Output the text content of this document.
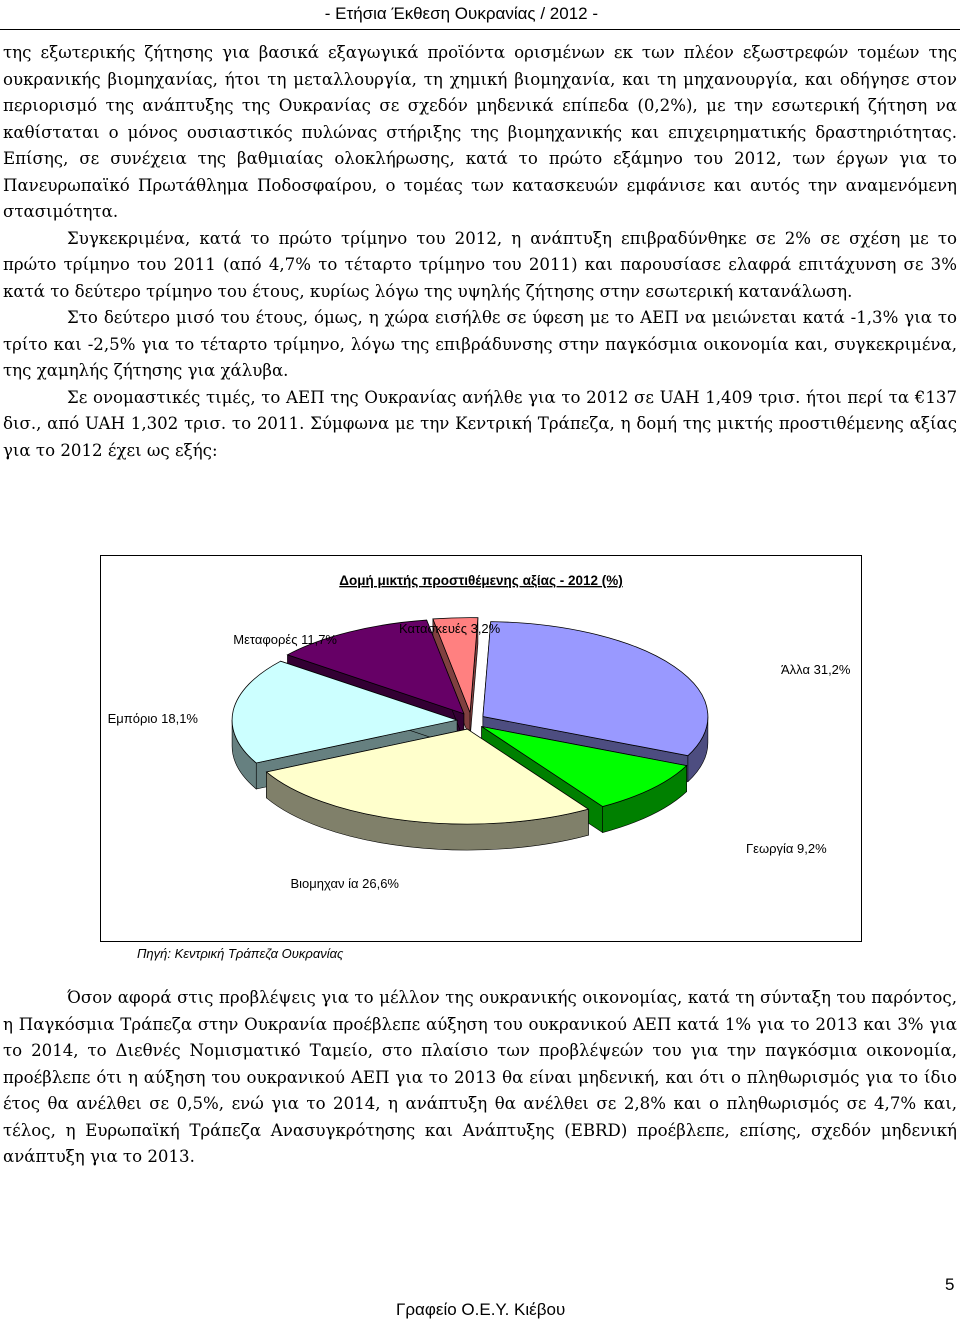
- Ετήσια Έκθεση Ουκρανίας / 2012 -

της εξωτερικής ζήτησης για βασικά εξαγωγικά προϊόντα ορισμένων εκ των πλέον εξωστρεφών τομέων της ουκρανικής βιομηχανίας, ήτοι τη μεταλλουργία, τη χημική βιομηχανία, και τη μηχανουργία, και οδήγησε στον περιορισμό της ανάπτυξης της Ουκρανίας σε σχεδόν μηδενικά επίπεδα (0,2%), με την εσωτερική ζήτηση να καθίσταται ο μόνος ουσιαστικός πυλώνας στήριξης της βιομηχανικής και επιχειρηματικής δραστηριότητας. Επίσης, σε συνέχεια της βαθμιαίας ολοκλήρωσης, κατά το πρώτο εξάμηνο του 2012, των έργων για το Πανευρωπαϊκό Πρωτάθλημα Ποδοσφαίρου, ο τομέας των κατασκευών εμφάνισε και αυτός την αναμενόμενη στασιμότητα.

Συγκεκριμένα, κατά το πρώτο τρίμηνο του 2012, η ανάπτυξη επιβραδύνθηκε σε 2% σε σχέση με το πρώτο τρίμηνο του 2011 (από 4,7% το τέταρτο τρίμηνο του 2011) και παρουσίασε ελαφρά επιτάχυνση σε 3% κατά το δεύτερο τρίμηνο του έτους, κυρίως λόγω της υψηλής ζήτησης στην εσωτερική κατανάλωση.

Στο δεύτερο μισό του έτους, όμως, η χώρα εισήλθε σε ύφεση με το ΑΕΠ να μειώνεται κατά -1,3% για το τρίτο και -2,5% για το τέταρτο τρίμηνο, λόγω της επιβράδυνσης στην παγκόσμια οικονομία και, συγκεκριμένα, της χαμηλής ζήτησης για χάλυβα.

Σε ονομαστικές τιμές, το ΑΕΠ της Ουκρανίας ανήλθε για το 2012 σε UAH 1,409 τρισ. ήτοι περί τα €137 δισ., από UAH 1,302 τρισ. το 2011. Σύμφωνα με την Κεντρική Τράπεζα, η δομή της μικτής προστιθέμενης αξίας για το 2012 έχει ως εξής:

Δομή μικτής προστιθέμενης αξίας - 2012 (%)
Άλλα 31,2%
Γεωργία 9,2%
Βιομηχαν ία 26,6%
Εμπόριο 18,1%
Μεταφορές 11,7%
Κατασκευές 3,2%
Πηγή: Κεντρική Τράπεζα Ουκρανίας

Όσον αφορά στις προβλέψεις για το μέλλον της ουκρανικής οικονομίας, κατά τη σύνταξη του παρόντος, η Παγκόσμια Τράπεζα στην Ουκρανία προέβλεπε αύξηση του ουκρανικού ΑΕΠ κατά 1% για το 2013 και 3% για το 2014, το Διεθνές Νομισματικό Ταμείο, στο πλαίσιο των προβλέψεών του για την παγκόσμια οικονομία, προέβλεπε ότι η αύξηση του ουκρανικού ΑΕΠ για το 2013 θα είναι μηδενική, και ότι ο πληθωρισμός για το ίδιο έτος θα ανέλθει σε 0,5%, ενώ για το 2014, η ανάπτυξη θα ανέλθει σε 2,8% και ο πληθωρισμός σε 4,7% και, τέλος, η Ευρωπαϊκή Τράπεζα Ανασυγκρότησης και Ανάπτυξης (EBRD) προέβλεπε, επίσης, σχεδόν μηδενική ανάπτυξη για το 2013.

5
Γραφείο Ο.Ε.Υ. Κιέβου
